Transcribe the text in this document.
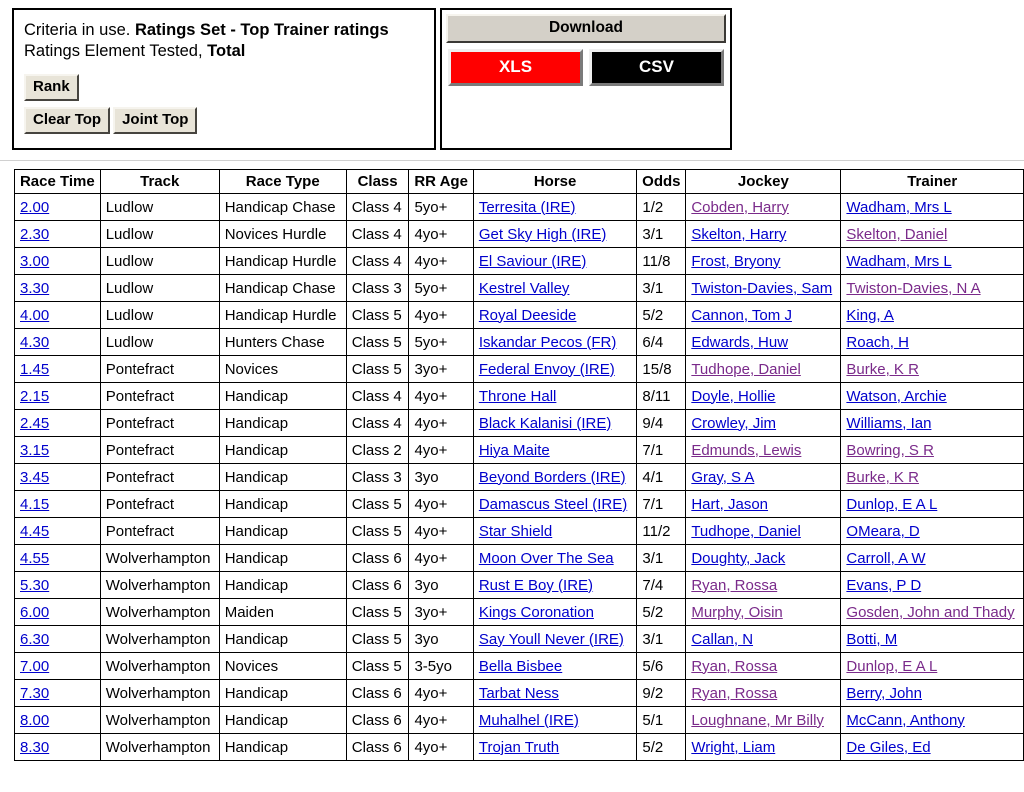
Criteria in use. Ratings Set - Top Trainer ratings
Ratings Element Tested, Total
Rank
Clear Top	Joint Top
Download
XLS	CSV
Race Time	Track	Race Type	Class	RR Age	Horse	Odds	Jockey	Trainer
2.00	Ludlow	Handicap Chase	Class 4	5yo+	Terresita (IRE)	1/2	Cobden, Harry	Wadham, Mrs L
2.30	Ludlow	Novices Hurdle	Class 4	4yo+	Get Sky High (IRE)	3/1	Skelton, Harry	Skelton, Daniel
3.00	Ludlow	Handicap Hurdle	Class 4	4yo+	El Saviour (IRE)	11/8	Frost, Bryony	Wadham, Mrs L
3.30	Ludlow	Handicap Chase	Class 3	5yo+	Kestrel Valley	3/1	Twiston-Davies, Sam	Twiston-Davies, N A
4.00	Ludlow	Handicap Hurdle	Class 5	4yo+	Royal Deeside	5/2	Cannon, Tom J	King, A
4.30	Ludlow	Hunters Chase	Class 5	5yo+	Iskandar Pecos (FR)	6/4	Edwards, Huw	Roach, H
1.45	Pontefract	Novices	Class 5	3yo+	Federal Envoy (IRE)	15/8	Tudhope, Daniel	Burke, K R
2.15	Pontefract	Handicap	Class 4	4yo+	Throne Hall	8/11	Doyle, Hollie	Watson, Archie
2.45	Pontefract	Handicap	Class 4	4yo+	Black Kalanisi (IRE)	9/4	Crowley, Jim	Williams, Ian
3.15	Pontefract	Handicap	Class 2	4yo+	Hiya Maite	7/1	Edmunds, Lewis	Bowring, S R
3.45	Pontefract	Handicap	Class 3	3yo	Beyond Borders (IRE)	4/1	Gray, S A	Burke, K R
4.15	Pontefract	Handicap	Class 5	4yo+	Damascus Steel (IRE)	7/1	Hart, Jason	Dunlop, E A L
4.45	Pontefract	Handicap	Class 5	4yo+	Star Shield	11/2	Tudhope, Daniel	OMeara, D
4.55	Wolverhampton	Handicap	Class 6	4yo+	Moon Over The Sea	3/1	Doughty, Jack	Carroll, A W
5.30	Wolverhampton	Handicap	Class 6	3yo	Rust E Boy (IRE)	7/4	Ryan, Rossa	Evans, P D
6.00	Wolverhampton	Maiden	Class 5	3yo+	Kings Coronation	5/2	Murphy, Oisin	Gosden, John and Thady
6.30	Wolverhampton	Handicap	Class 5	3yo	Say Youll Never (IRE)	3/1	Callan, N	Botti, M
7.00	Wolverhampton	Novices	Class 5	3-5yo	Bella Bisbee	5/6	Ryan, Rossa	Dunlop, E A L
7.30	Wolverhampton	Handicap	Class 6	4yo+	Tarbat Ness	9/2	Ryan, Rossa	Berry, John
8.00	Wolverhampton	Handicap	Class 6	4yo+	Muhalhel (IRE)	5/1	Loughnane, Mr Billy	McCann, Anthony
8.30	Wolverhampton	Handicap	Class 6	4yo+	Trojan Truth	5/2	Wright, Liam	De Giles, Ed
